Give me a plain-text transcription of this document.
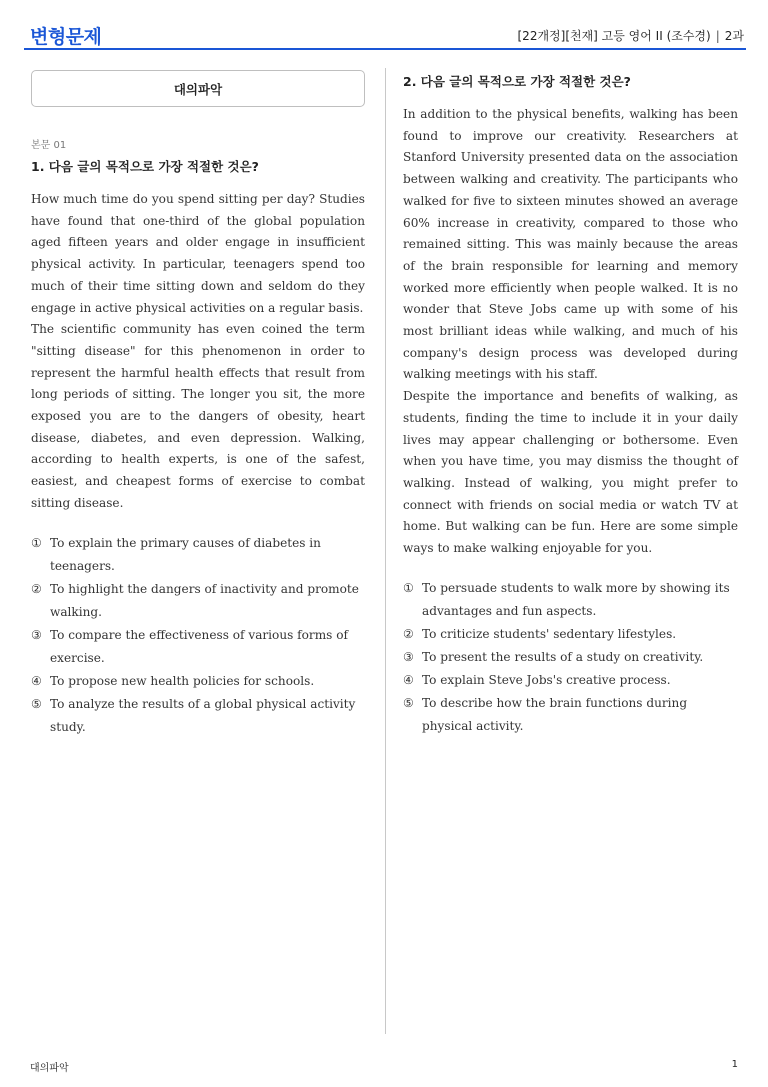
변형문제	[22개정][천재] 고등 영어 II (조수경) | 2과
대의파악
본문 01
1. 다음 글의 목적으로 가장 적절한 것은?

How much time do you spend sitting per day? Studies have found that one-third of the global population aged fifteen years and older engage in insufficient physical activity. In particular, teenagers spend too much of their time sitting down and seldom do they engage in active physical activities on a regular basis.

The scientific community has even coined the term "sitting disease" for this phenomenon in order to represent the harmful health effects that result from long periods of sitting. The longer you sit, the more exposed you are to the dangers of obesity, heart disease, diabetes, and even depression. Walking, according to health experts, is one of the safest, easiest, and cheapest forms of exercise to combat sitting disease.

① To explain the primary causes of diabetes in teenagers.
② To highlight the dangers of inactivity and promote walking.
③ To compare the effectiveness of various forms of exercise.
④ To propose new health policies for schools.
⑤ To analyze the results of a global physical activity study.
2. 다음 글의 목적으로 가장 적절한 것은?

In addition to the physical benefits, walking has been found to improve our creativity. Researchers at Stanford University presented data on the association between walking and creativity. The participants who walked for five to sixteen minutes showed an average 60% increase in creativity, compared to those who remained sitting. This was mainly because the areas of the brain responsible for learning and memory worked more efficiently when people walked. It is no wonder that Steve Jobs came up with some of his most brilliant ideas while walking, and much of his company's design process was developed during walking meetings with his staff.

Despite the importance and benefits of walking, as students, finding the time to include it in your daily lives may appear challenging or bothersome. Even when you have time, you may dismiss the thought of walking. Instead of walking, you might prefer to connect with friends on social media or watch TV at home. But walking can be fun. Here are some simple ways to make walking enjoyable for you.

① To persuade students to walk more by showing its advantages and fun aspects.
② To criticize students' sedentary lifestyles.
③ To present the results of a study on creativity.
④ To explain Steve Jobs's creative process.
⑤ To describe how the brain functions during physical activity.
대의파악	1
